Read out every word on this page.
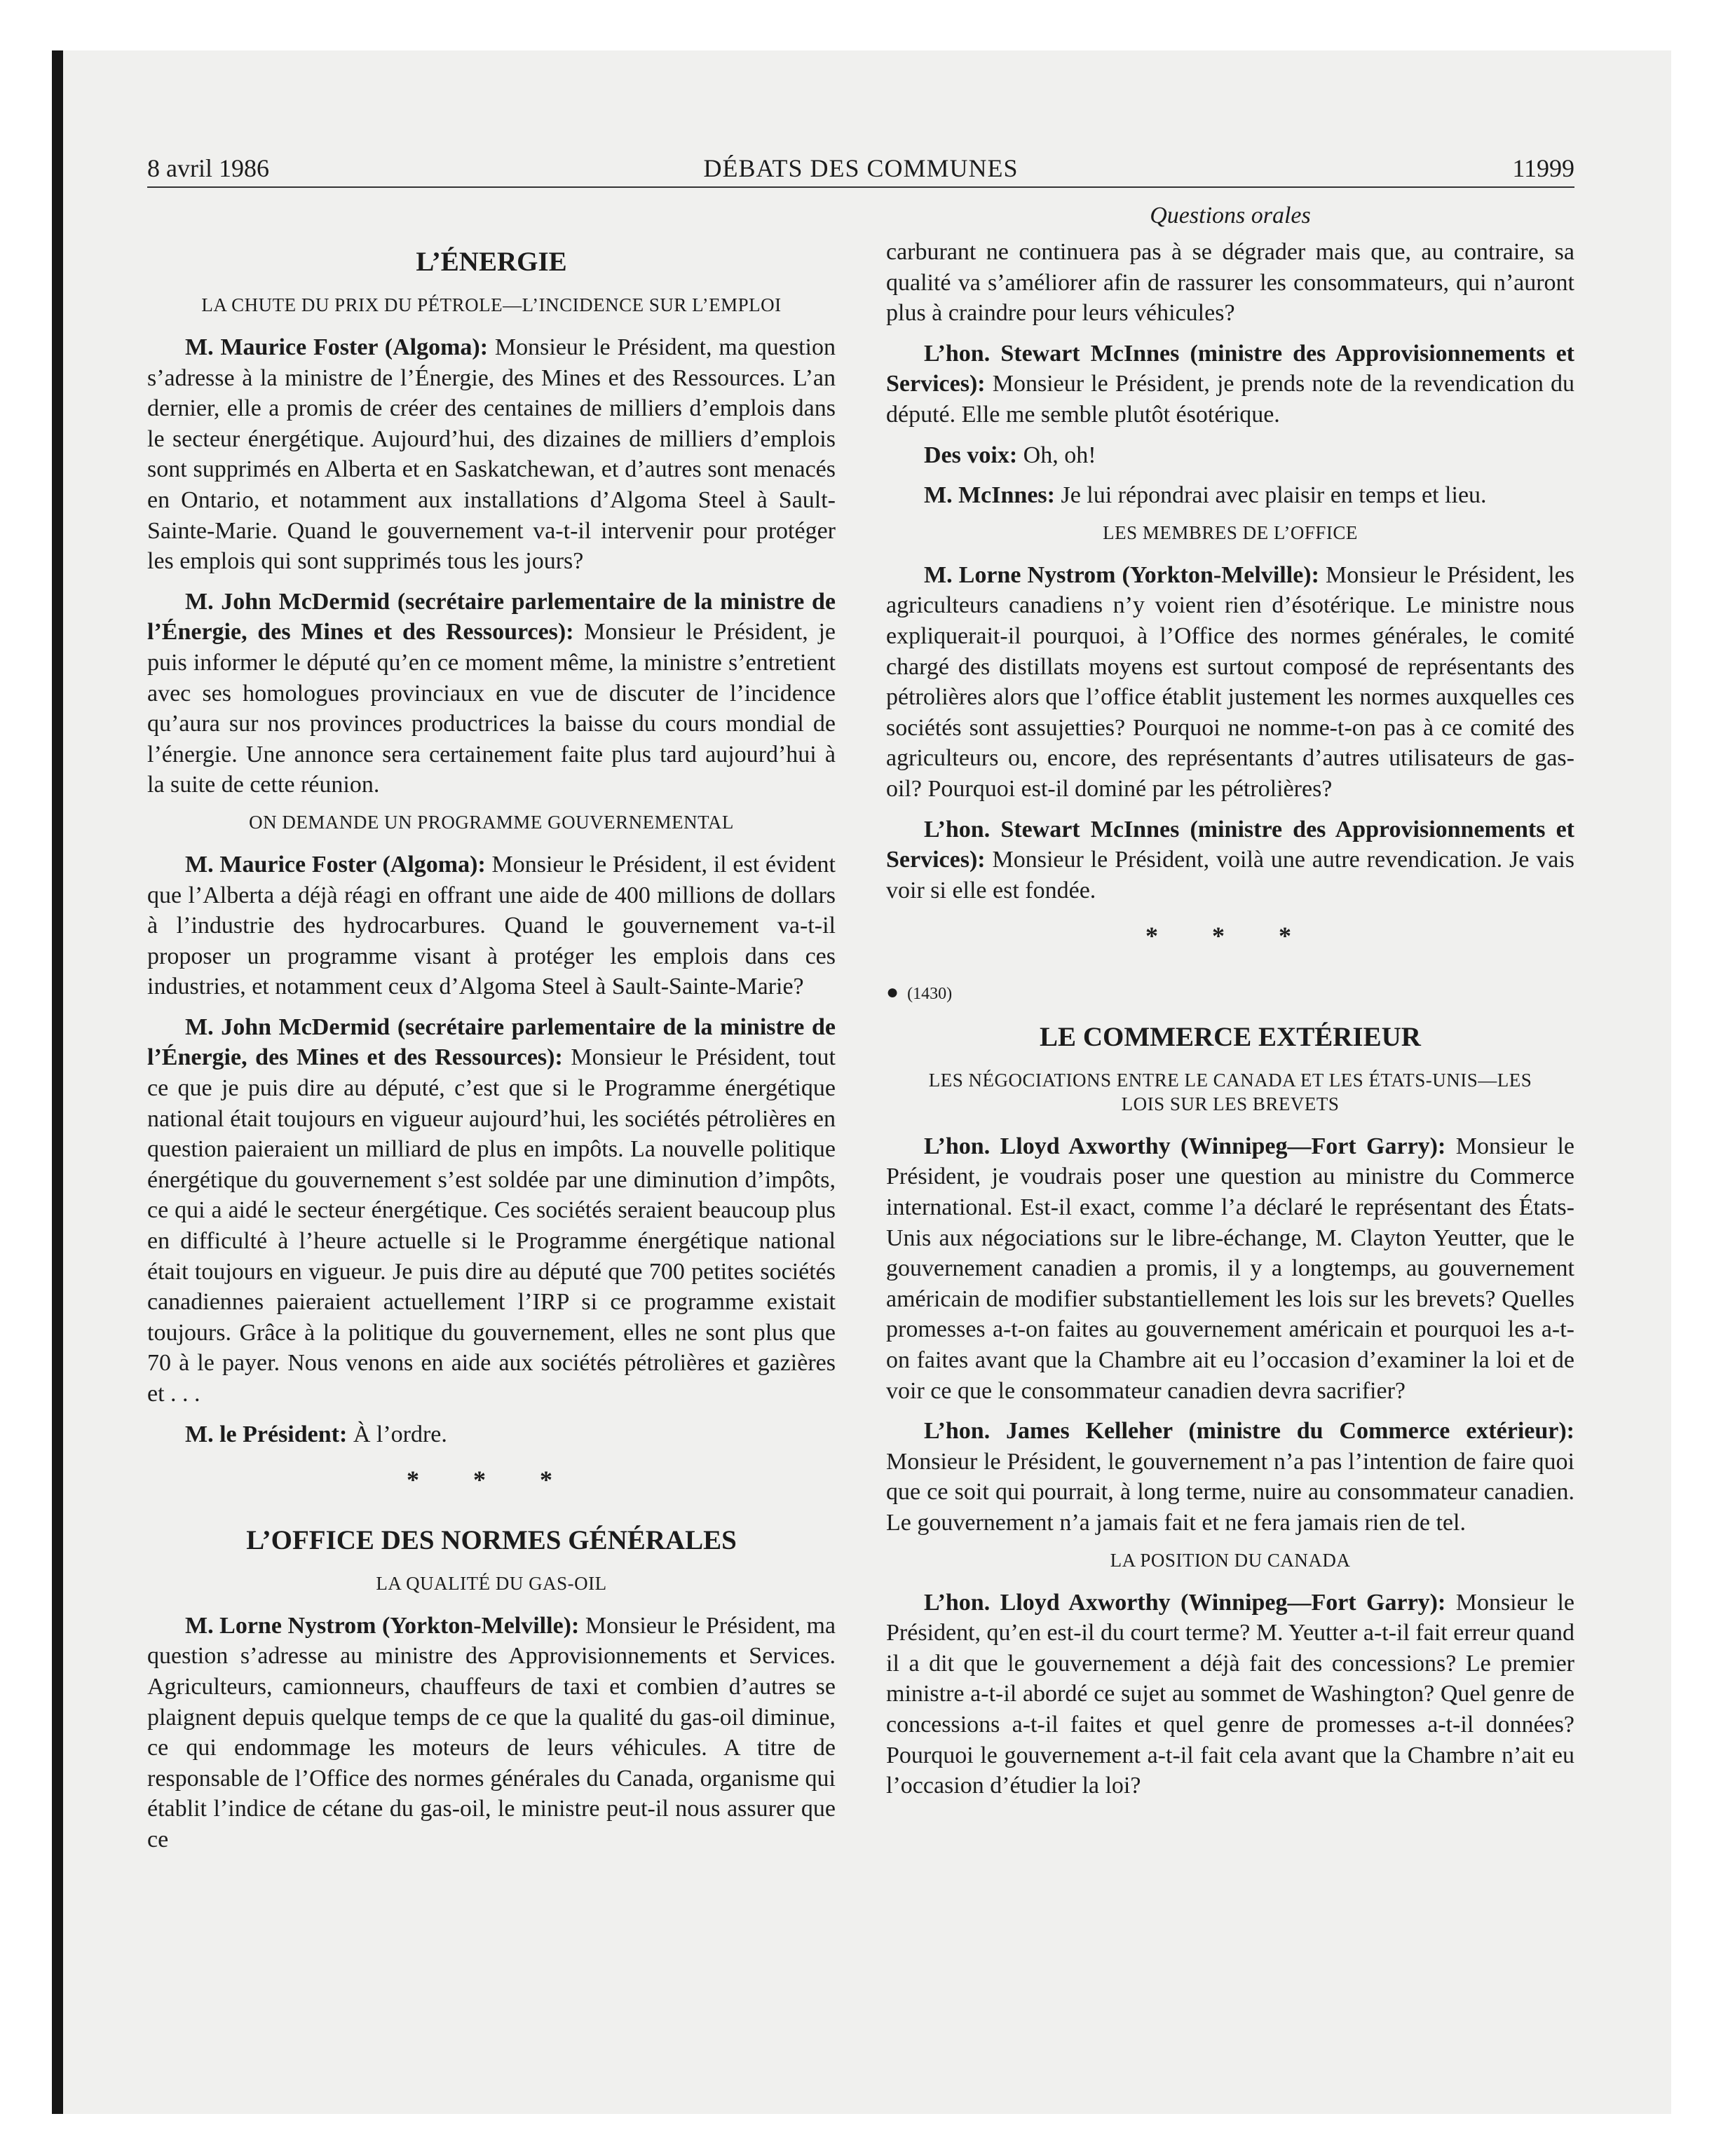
8 avril 1986	DÉBATS DES COMMUNES	11999
Questions orales
L’ÉNERGIE
LA CHUTE DU PRIX DU PÉTROLE—L’INCIDENCE SUR L’EMPLOI

M. Maurice Foster (Algoma): Monsieur le Président, ma question s’adresse à la ministre de l’Énergie, des Mines et des Ressources. L’an dernier, elle a promis de créer des centaines de milliers d’emplois dans le secteur énergétique. Aujourd’hui, des dizaines de milliers d’emplois sont supprimés en Alberta et en Saskatchewan, et d’autres sont menacés en Ontario, et notamment aux installations d’Algoma Steel à Sault-Sainte-Marie. Quand le gouvernement va-t-il intervenir pour protéger les emplois qui sont supprimés tous les jours?

M. John McDermid (secrétaire parlementaire de la ministre de l’Énergie, des Mines et des Ressources): Monsieur le Président, je puis informer le député qu’en ce moment même, la ministre s’entretient avec ses homologues provinciaux en vue de discuter de l’incidence qu’aura sur nos provinces productrices la baisse du cours mondial de l’énergie. Une annonce sera certainement faite plus tard aujourd’hui à la suite de cette réunion.

ON DEMANDE UN PROGRAMME GOUVERNEMENTAL

M. Maurice Foster (Algoma): Monsieur le Président, il est évident que l’Alberta a déjà réagi en offrant une aide de 400 millions de dollars à l’industrie des hydrocarbures. Quand le gouvernement va-t-il proposer un programme visant à protéger les emplois dans ces industries, et notamment ceux d’Algoma Steel à Sault-Sainte-Marie?

M. John McDermid (secrétaire parlementaire de la ministre de l’Énergie, des Mines et des Ressources): Monsieur le Président, tout ce que je puis dire au député, c’est que si le Programme énergétique national était toujours en vigueur aujourd’hui, les sociétés pétrolières en question paieraient un milliard de plus en impôts. La nouvelle politique énergétique du gouvernement s’est soldée par une diminution d’impôts, ce qui a aidé le secteur énergétique. Ces sociétés seraient beaucoup plus en difficulté à l’heure actuelle si le Programme énergétique national était toujours en vigueur. Je puis dire au député que 700 petites sociétés canadiennes paieraient actuellement l’IRP si ce programme existait toujours. Grâce à la politique du gouvernement, elles ne sont plus que 70 à le payer. Nous venons en aide aux sociétés pétrolières et gazières et . . .

M. le Président: À l’ordre.

* * *
L’OFFICE DES NORMES GÉNÉRALES
LA QUALITÉ DU GAS-OIL

M. Lorne Nystrom (Yorkton-Melville): Monsieur le Président, ma question s’adresse au ministre des Approvisionnements et Services. Agriculteurs, camionneurs, chauffeurs de taxi et combien d’autres se plaignent depuis quelque temps de ce que la qualité du gas-oil diminue, ce qui endommage les moteurs de leurs véhicules. A titre de responsable de l’Office des normes générales du Canada, organisme qui établit l’indice de cétane du gas-oil, le ministre peut-il nous assurer que ce

carburant ne continuera pas à se dégrader mais que, au contraire, sa qualité va s’améliorer afin de rassurer les consommateurs, qui n’auront plus à craindre pour leurs véhicules?

L’hon. Stewart McInnes (ministre des Approvisionnements et Services): Monsieur le Président, je prends note de la revendication du député. Elle me semble plutôt ésotérique.

Des voix: Oh, oh!

M. McInnes: Je lui répondrai avec plaisir en temps et lieu.

LES MEMBRES DE L’OFFICE

M. Lorne Nystrom (Yorkton-Melville): Monsieur le Président, les agriculteurs canadiens n’y voient rien d’ésotérique. Le ministre nous expliquerait-il pourquoi, à l’Office des normes générales, le comité chargé des distillats moyens est surtout composé de représentants des pétrolières alors que l’office établit justement les normes auxquelles ces sociétés sont assujetties? Pourquoi ne nomme-t-on pas à ce comité des agriculteurs ou, encore, des représentants d’autres utilisateurs de gas-oil? Pourquoi est-il dominé par les pétrolières?

L’hon. Stewart McInnes (ministre des Approvisionnements et Services): Monsieur le Président, voilà une autre revendication. Je vais voir si elle est fondée.

* * *
● (1430)
LE COMMERCE EXTÉRIEUR
LES NÉGOCIATIONS ENTRE LE CANADA ET LES ÉTATS-UNIS—LES LOIS SUR LES BREVETS

L’hon. Lloyd Axworthy (Winnipeg—Fort Garry): Monsieur le Président, je voudrais poser une question au ministre du Commerce international. Est-il exact, comme l’a déclaré le représentant des États-Unis aux négociations sur le libre-échange, M. Clayton Yeutter, que le gouvernement canadien a promis, il y a longtemps, au gouvernement américain de modifier substantiellement les lois sur les brevets? Quelles promesses a-t-on faites au gouvernement américain et pourquoi les a-t-on faites avant que la Chambre ait eu l’occasion d’examiner la loi et de voir ce que le consommateur canadien devra sacrifier?

L’hon. James Kelleher (ministre du Commerce extérieur): Monsieur le Président, le gouvernement n’a pas l’intention de faire quoi que ce soit qui pourrait, à long terme, nuire au consommateur canadien. Le gouvernement n’a jamais fait et ne fera jamais rien de tel.

LA POSITION DU CANADA

L’hon. Lloyd Axworthy (Winnipeg—Fort Garry): Monsieur le Président, qu’en est-il du court terme? M. Yeutter a-t-il fait erreur quand il a dit que le gouvernement a déjà fait des concessions? Le premier ministre a-t-il abordé ce sujet au sommet de Washington? Quel genre de concessions a-t-il faites et quel genre de promesses a-t-il données? Pourquoi le gouvernement a-t-il fait cela avant que la Chambre n’ait eu l’occasion d’étudier la loi?
